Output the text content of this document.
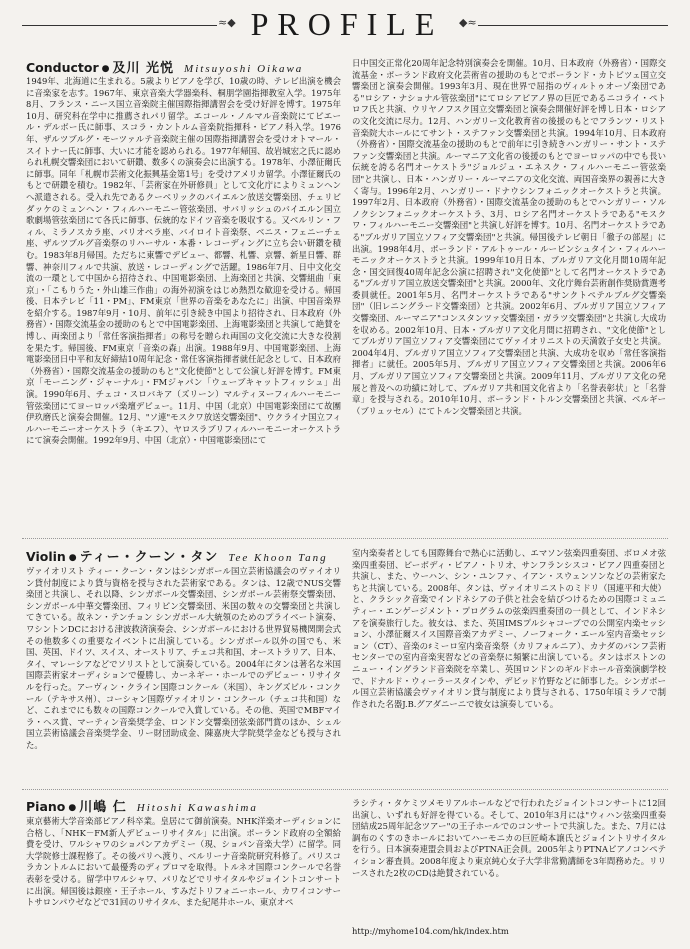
≈◆ PROFILE	◆≈
Conductor ● 及川 光悦 Mitsuyoshi Oikawa

1949年、北海道に生まれる。5歳よりピアノを学び、10歳の時、テレビ出演を機会に音楽家を志す。1967年、東京音楽大学器楽科、桐朋学園指揮教室入学。1975年8月、フランス・ニース国立音楽院主催国際指揮講習会を受け好評を博す。1975年10月、研究科在学中に推薦されパリ留学。エコール・ノルマル音楽院にてピエール・デルボー氏に師事、スコラ・カントルム音楽院指揮科・ピアノ科入学。1976年、ザルツブルグ・モーツァルテ音楽院主催の国際指揮講習会を受けオトマール・スイトナー氏に師事、大いに才能を認められる。1977年帰国、故岩城宏之氏に認められ札幌交響楽団において研鑽、数多くの演奏会に出演する。1978年、小澤征爾氏に師事。同年「札幌市芸術文化振興基金第1号」を受けアメリカ留学。小澤征爾氏のもとで研鑽を積む。1982年、「芸術家在外研修員」として文化庁によりミュンヘンへ派遣される。受入れ先であるクーベリックのバイエルン放送交響楽団、チェリビダッケのミュンヘン・フィルハーモニー管弦楽団、サバリッシュのバイエルン国立歌劇場管弦楽団にて各氏に師事、伝統的なドイツ音楽を吸収する。又ベルリン・フィル、ミラノスカラ座、パリオペラ座、バイロイト音楽祭、ベニス・フェニーチェ座、ザルツブルグ音楽祭のリハーサル・本番・レコーディングに立ち会い研鑽を積む。1983年8月帰国。ただちに東響でデビュー、都響、札響、京響、新星日響、群響、神奈川フィルで共演、放送・レコーディングで活躍。1986年7月、日中文化交流の一環として中国から招待され、中国電影楽団、上海楽団と共演、交響組曲「東京」・「こもりうた・外山雄三作曲」の海外初演をはじめ熱烈な歓迎を受ける。帰国後、日本テレビ「11・PM」、FM東京「世界の音楽をあなたに」出演、中国音楽界を紹介する。1987年9月・10月、前年に引き続き中国より招待され、日本政府（外務省）・国際交流基金の援助のもとで中国電影楽団、上海電影楽団と共演して絶賛を博し、両楽団より「常任客演指揮者」の称号を贈られ両国の文化交流に大きな役割を果たす。帰国後、FM東京「音楽の森」出演。1988年9月、中国電影楽団、上海電影楽団日中平和友好締結10周年記念・常任客演指揮者就任記念として、日本政府（外務省）・国際交流基金の援助のもと"文化使節"として公演し好評を博す。FM東京「モーニング・ジャーナル」・FMジャパン「ウェーブキャットフィッシュ」出演。1990年6月、チェコ・スロバキア（ズリーン）マルティヌーフィルハーモニー管弦楽団にてヨーロッパ楽壇デビュー。11月、中国（北京）中国電影楽団にて故團伊玖磨氏と演奏会開催。12月、"ソ連"モスクワ放送交響楽団"、ウクライナ国立フィルハーモニーオーケストラ（キエフ）、ヤロスラブリフィルハーモニーオーケストラにて演奏会開催。1992年9月、中国（北京）・中国電影楽団にて

日中国交正常化20周年記念特別演奏会を開催。10月、日本政府（外務省）・国際交流基金・ポーランド政府文化芸術省の援助のもとでポーランド・カトビツェ国立交響楽団と演奏会開催。1993年3月、現在世界で屈指のヴィルトゥオーゾ楽団である"ロシア・ナショナル管弦楽団"にてロシアピアノ界の巨匠であるニコライ・ペトロフ氏と共演、ウリヤノフスク国立交響楽団と演奏会開催好評を博し日本・ロシアの文化交流に尽力。12月、ハンガリー文化教育省の後援のもとでフランツ・リスト音楽院大ホールにてサント・ステファン交響楽団と共演。1994年10月、日本政府（外務省）・国際交流基金の援助のもとで前年に引き続きハンガリー・サント・ステファン交響楽団と共演。ルーマニア文化省の後援のもとでヨーロッパの中でも長い伝統を誇る名門オーケストラ"ジョルジュ・エネスク・フィルハーモニー管弦楽団"と共演し、日本・ハンガリー・ルーマニアの文化交流、両国音楽界の親善に大きく寄与。1996年2月、ハンガリー・ドナウシンフォニックオーケストラと共演。1997年2月、日本政府（外務省）・国際交流基金の援助のもとでハンガリー・ソルノクシンフォニックオーケストラ、3月、ロシア名門オーケストラである"モスクワ・フィルハーモニー交響楽団"と共演し好評を博す。10月、名門オーケストラである"ブルガリア国立ソフィア交響楽団"と共演。帰国後テレビ朝日「徹子の部屋」に出演。1998年4月、ポーランド・アルトゥール・ルービンシュタイン・フィルハーモニックオーケストラと共演。1999年10月日本、ブルガリア文化月間10周年記念・国交回復40周年記念公演に招聘され"文化使節"として名門オーケストラである"ブルガリア国立放送交響楽団"と共演。2000年、文化庁舞台芸術創作奨励賞選考委員就任。2001年5月、名門オーケストラである"サンクトペテルブルグ交響楽団"（旧レニングラード交響楽団）と共演。2002年6月、ブルガリア国立ソフィア交響楽団、ルーマニア"コンスタンツァ交響楽団・ガラツ交響楽団"と共演し大成功を収める。2002年10月、日本・ブルガリア文化月間に招聘され、"文化使節"としてブルガリア国立ソフィア交響楽団にてヴァイオリニストの天満敦子女史と共演。2004年4月、ブルガリア国立ソフィア交響楽団と共演、大成功を収め「常任客演指揮者」に就任。2005年5月、ブルガリア国立ソフィア交響楽団と共演。2006年6月、ブルガリア国立ソフィア交響楽団と共演。2009年11月、ブルガリア文化の発展と普及への功績に対して、ブルガリア共和国文化省より「名誉表彰状」と「名誉章」を授与される。2010年10月、ポーランド・トルン交響楽団と共演、ベルギー（ブリュッセル）にてトルン交響楽団と共演。

Violin ● ティー・クーン・タン Tee Khoon Tang

ヴァイオリスト ティー・クーン・タンはシンガポール国立芸術協議会のヴァイオリン貸付制度により貸与資格を授与された芸術家である。タンは、12歳でNUS交響楽団と共演し、それ以降、シンガポール交響楽団、シンガポール芸術祭交響楽団、シンガポール中華交響楽団、フィリピン交響楽団、米国の数々の交響楽団と共演してきている。故ネン・テンチョン シンガポール大統領のためのプライベート演奏、ワシントンDCにおける津波救済演奏会、シンガポールにおける世界貿易機関開会式その他数多くの重要なイベントに出演している。シンガポール以外の国でも、米国、英国、ドイツ、スイス、オーストリア、チェコ共和国、オーストラリア、日本、タイ、マレーシアなどでソリストとして演奏している。2004年にタンは著名な米国国際芸術家オーディションで優勝し、カーネギー・ホールでのデビュー・リサイタルを行った。アーヴィン・クライン国際コンクール（米国）、キングズビル・コンクール（テキサス州）、コーシャン国際ヴァイオリン・コンクール（チェコ共和国）など、これまでにも数々の国際コンクールで入賞している。その他、英国でMBFマイラ・ヘス賞、マーティン音楽奨学金、ロンドン交響楽団弦楽部門賞のほか、シェル国立芸術協議会音楽奨学金、リー財団助成金、陳嘉庚大学院奨学金なども授与された。

室内楽奏者としても国際舞台で熱心に活動し、エマソン弦楽四重奏団、ボロメオ弦楽四重奏団、ピーボディ・ピアノ・トリオ、サンフランシスコ・ピアノ四重奏団と共演し、また、ウーハン、シン・ユンファ、イアン・スウェンソンなどの芸術家たちと共演している。2008年、タンは、ヴァイオリニストのミドリ（国連平和大使）と、クラシック音楽でインドネシアの子供と社会を結びつけるための国際コミュニティー・エンゲージメント・プログラムの弦楽四重奏団の一員として、インドネシアを演奏旅行した。彼女は、また、英国IMSプルシャコーブでの公開室内楽セッション、小澤征爾スイス国際音楽アカデミー、ノーフォーク・エール室内音楽セッション（CT）、音楽の♯ミーロ室内楽音楽祭（カリフォルニア）、カナダのバンフ芸術センターでの室内音楽実習などの音楽祭に頻繁に出演している。タンはボストンのニュー・イングランド音楽院を卒業し、英国ロンドンのギルドホール音楽演劇学校で、ドナルド・ウィーラースタインや、デビッド竹野などに師事した。シンガポール国立芸術協議会ヴァイオリン貸与制度により貸与される、1750年頃ミラノで制作された名器J.B.グアダニーニで彼女は演奏している。

Piano ● 川嶋 仁 Hitoshi Kawashima

東京藝術大学音楽部ピアノ科卒業。皇居にて御前演奏。NHK洋楽オーディションに合格し、「NHK－FM新人デビューリサイタル」に出演。ポーランド政府の全額給費を受け、ワルシャワのショパンアカデミー（現、ショパン音楽大学）に留学。同大学院修士課程修了。その後パリへ渡り、ベルリーナ音楽院研究科修了。パリスコラカントルムにおいて最優秀のディプロマを取得。トルネオ国際コンクールで名誉表彰を受ける。留学中ワルシャワ、パリなどでリサイタルやジョイントコンサートに出演。帰国後は銀座・王子ホール、すみだトリフォニーホール、カワイコンサートサロンパウゼなどで31回のリサイタル、また紀尾井ホール、東京オペ

ラシティ・タケミツメモリアルホールなどで行われたジョイントコンサートに12回出演し、いずれも好評を得ている。そして、2010年3月には"ウィハン弦楽四重奏団結成25周年記念ツアー"の王子ホールでのコンサートで共演した。また、7月には調布のくすのきホールにおいてハーモニカの巨匠崎本譲氏とジョイントリサイタルを行う。日本演奏連盟会員およびPTNA正会員。2005年よりPTNAピアノコンペティション審査員。2008年度より東京純心女子大学非常勤講師を3年間務めた。リリースされた2枚のCDは絶賛されている。

http://myhome104.com/hk/index.htm
